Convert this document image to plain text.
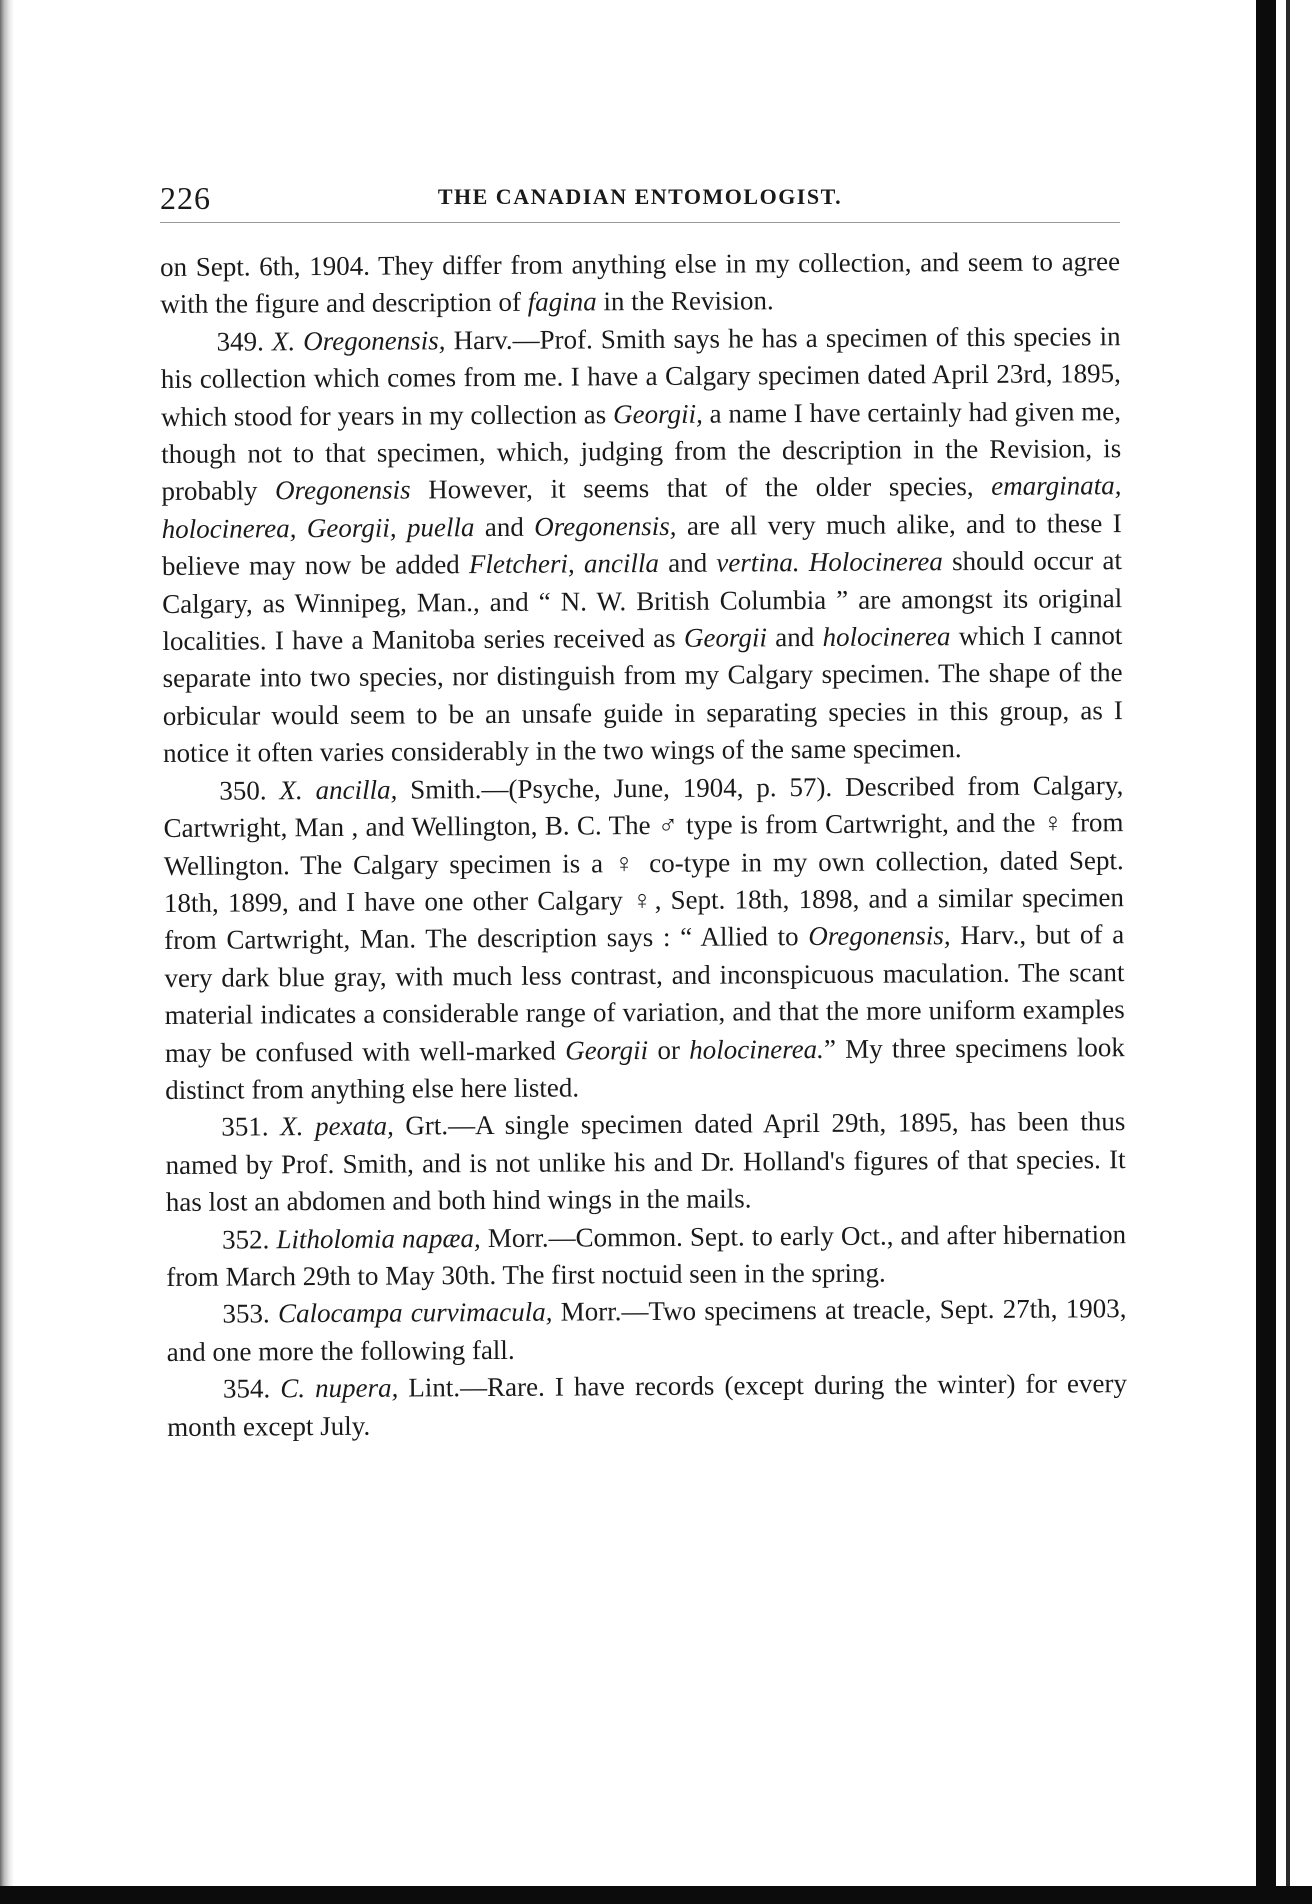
226	THE CANADIAN ENTOMOLOGIST.

on Sept. 6th, 1904. They differ from anything else in my collection, and seem to agree with the figure and description of fagina in the Revision.

349. X. Oregonensis, Harv.—Prof. Smith says he has a specimen of this species in his collection which comes from me. I have a Calgary specimen dated April 23rd, 1895, which stood for years in my collection as Georgii, a name I have certainly had given me, though not to that specimen, which, judging from the description in the Revision, is probably Oregonensis However, it seems that of the older species, emarginata, holocinerea, Georgii, puella and Oregonensis, are all very much alike, and to these I believe may now be added Fletcheri, ancilla and vertina. Holocinerea should occur at Calgary, as Winnipeg, Man., and “ N. W. British Columbia ” are amongst its original localities. I have a Manitoba series received as Georgii and holocinerea which I cannot separate into two species, nor distinguish from my Calgary specimen. The shape of the orbicular would seem to be an unsafe guide in separating species in this group, as I notice it often varies considerably in the two wings of the same specimen.

350. X. ancilla, Smith.—(Psyche, June, 1904, p. 57). Described from Calgary, Cartwright, Man , and Wellington, B. C. The ♂ type is from Cartwright, and the ♀ from Wellington. The Calgary specimen is a ♀ co-type in my own collection, dated Sept. 18th, 1899, and I have one other Calgary ♀, Sept. 18th, 1898, and a similar specimen from Cartwright, Man. The description says : “ Allied to Oregonensis, Harv., but of a very dark blue gray, with much less contrast, and inconspicuous maculation. The scant material indicates a considerable range of variation, and that the more uniform examples may be confused with well-marked Georgii or holocinerea.” My three specimens look distinct from anything else here listed.

351. X. pexata, Grt.—A single specimen dated April 29th, 1895, has been thus named by Prof. Smith, and is not unlike his and Dr. Holland's figures of that species. It has lost an abdomen and both hind wings in the mails.

352. Litholomia napæa, Morr.—Common. Sept. to early Oct., and after hibernation from March 29th to May 30th. The first noctuid seen in the spring.

353. Calocampa curvimacula, Morr.—Two specimens at treacle, Sept. 27th, 1903, and one more the following fall.

354. C. nupera, Lint.—Rare. I have records (except during the winter) for every month except July.
